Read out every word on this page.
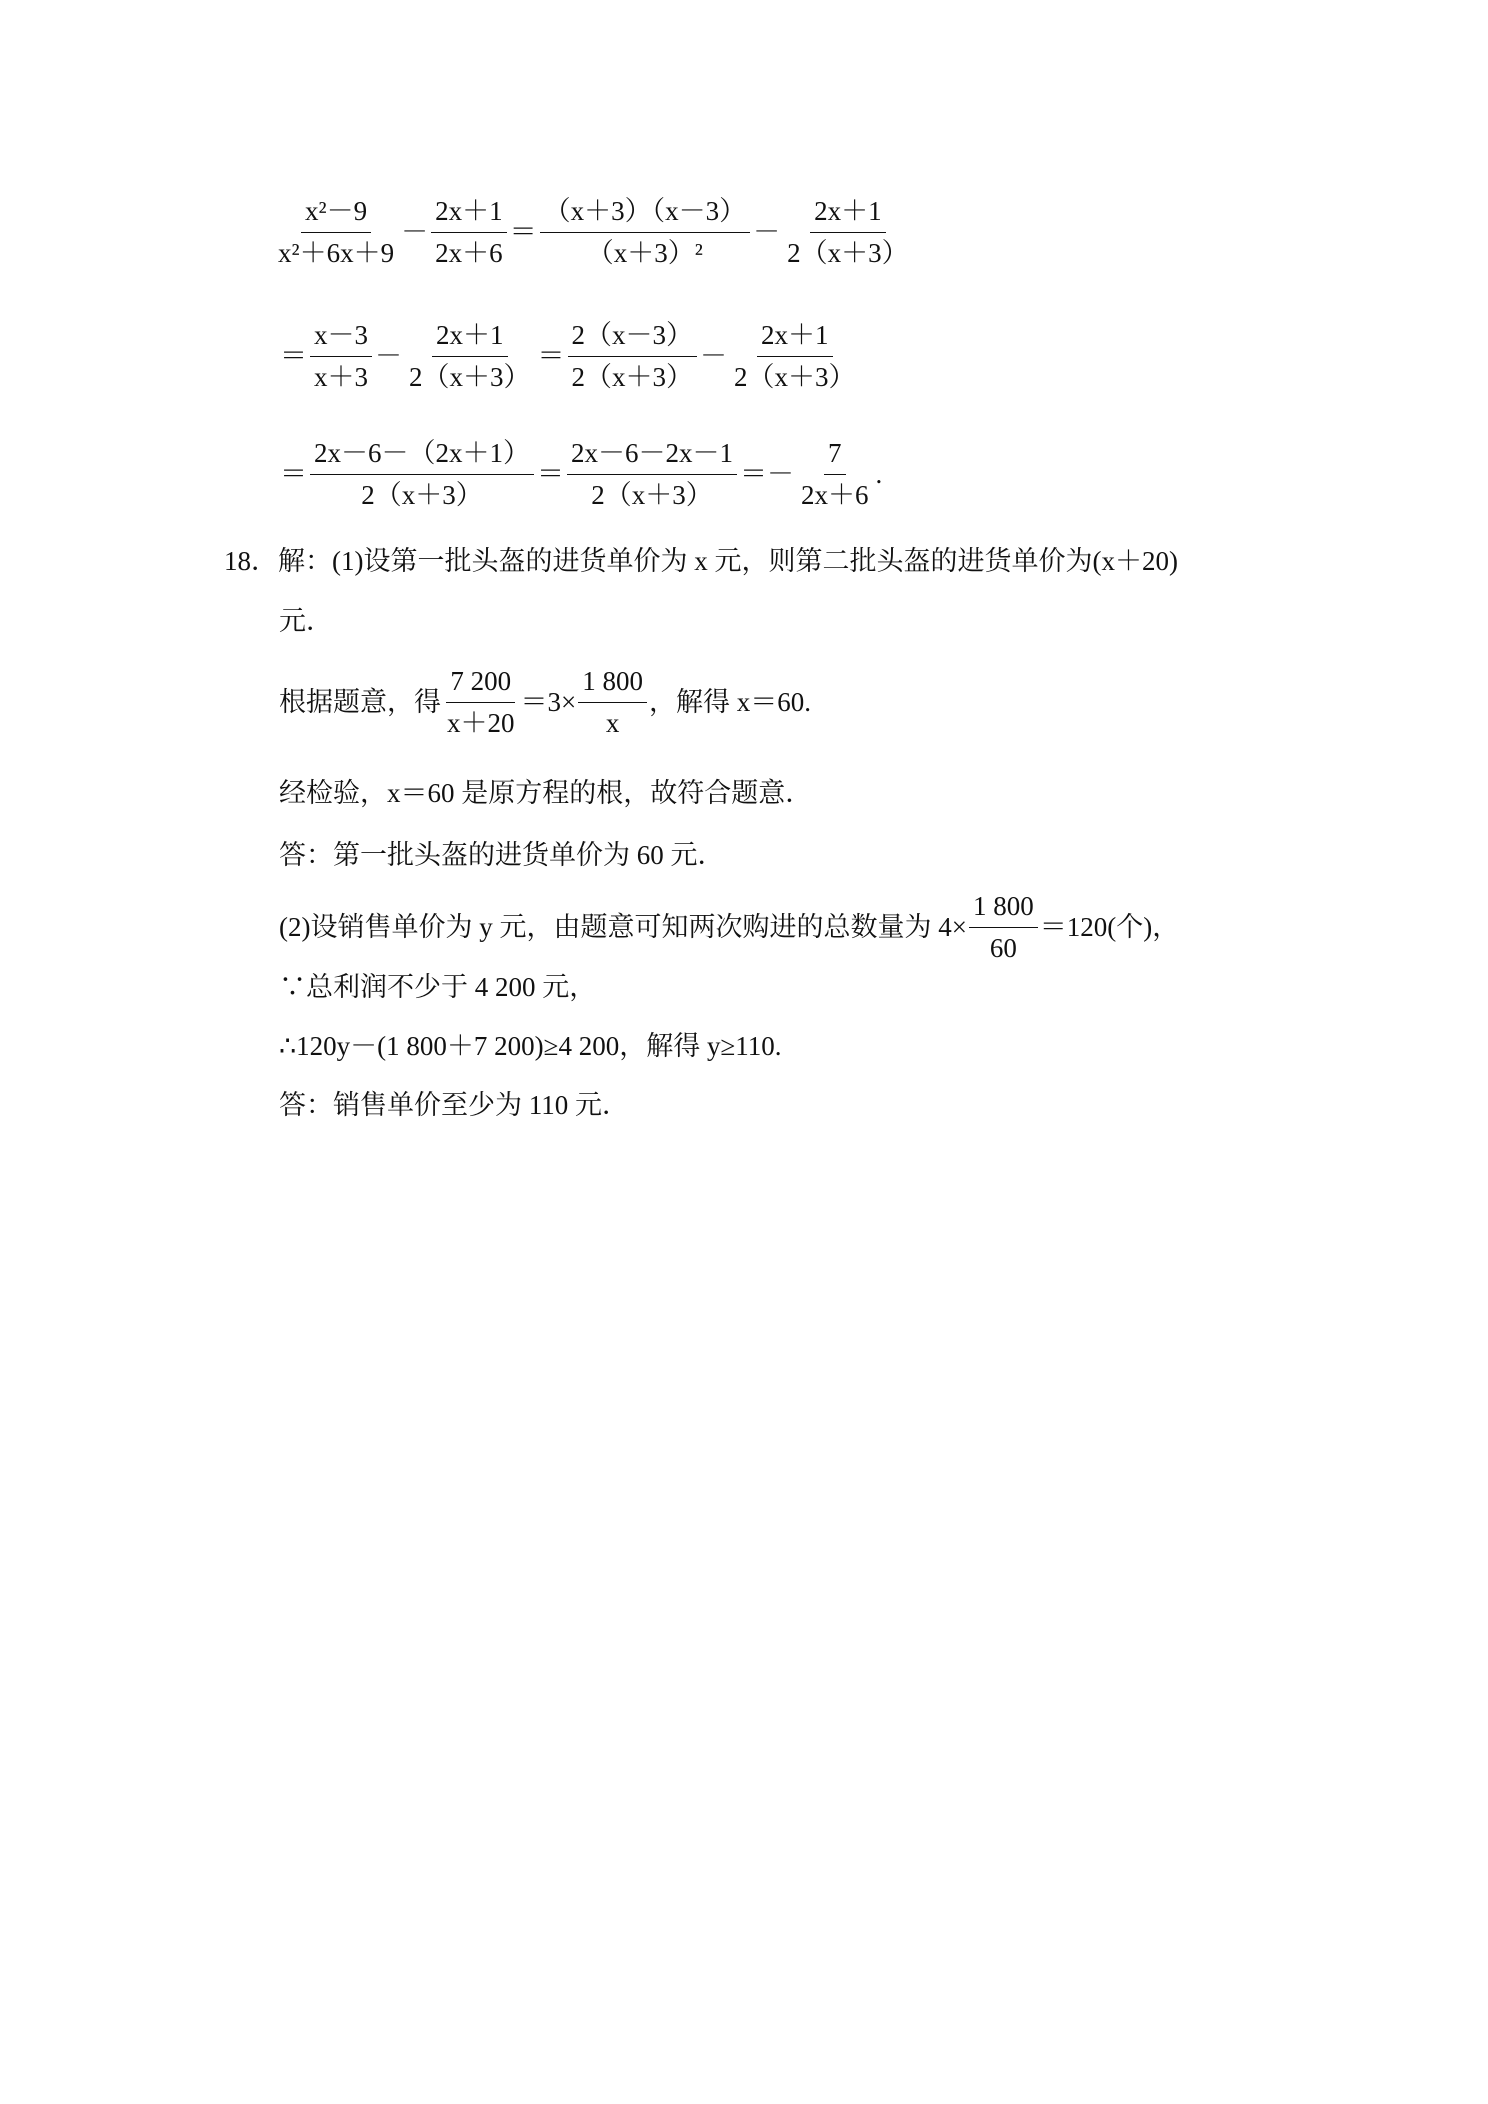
$\frac{\text{x²－9}}{\text{x²＋6x＋9}} - \frac{2x+1}{2x+6} = \frac{(x+3)(x-3)}{\text{（x＋3）²}} - \frac{2x+1}{2(x+3)}$
＝ $\frac{x-3}{x+3} - \frac{2x+1}{2(x+3)} = \frac{2(x-3)}{2(x+3)} - \frac{2x+1}{2(x+3)}$
＝ $\frac{2x-6-(2x+1)}{2(x+3)} = \frac{2x-6-2x-1}{2(x+3)} =- \frac{7}{2x+6}$ .
18．解：(1)设第一批头盔的进货单价为 x 元，则第二批头盔的进货单价为(x＋20)
元．
根据题意，得 $\frac{7 200}{x+20} =3\times \frac{1 800}{x}$ ，解得 x＝60.
经检验，x＝60 是原方程的根，故符合题意．
答：第一批头盔的进货单价为 60 元．
(2)设销售单价为 y 元，由题意可知两次购进的总数量为 $4\times \frac{1 800}{60} =120$(个)，
∵总利润不少于 4 200 元，
∴120y－(1 800＋7 200)≥4 200，解得 y≥110.
答：销售单价至少为 110 元．
